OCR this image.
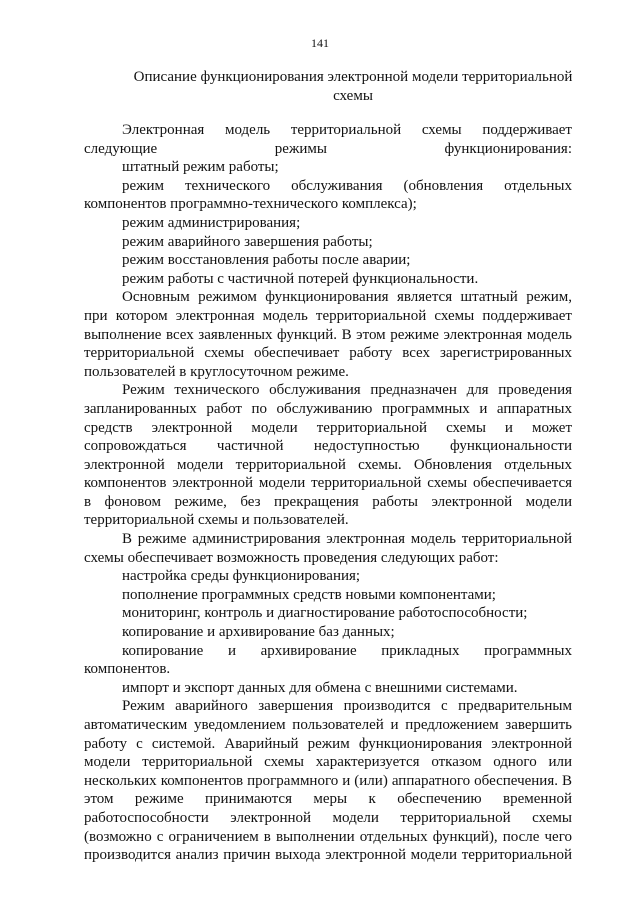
141
Описание функционирования электронной модели территориальной схемы

Электронная модель территориальной схемы поддерживает следующие режимы функционирования:

штатный режим работы;

режим технического обслуживания (обновления отдельных компонентов программно-технического комплекса);

режим администрирования;

режим аварийного завершения работы;

режим восстановления работы после аварии;

режим работы с частичной потерей функциональности.

Основным режимом функционирования является штатный режим, при котором электронная модель территориальной схемы поддерживает выполнение всех заявленных функций. В этом режиме электронная модель территориальной схемы обеспечивает работу всех зарегистрированных пользователей в круглосуточном режиме.

Режим технического обслуживания предназначен для проведения запланированных работ по обслуживанию программных и аппаратных средств электронной модели территориальной схемы и может сопровождаться частичной недоступностью функциональности электронной модели территориальной схемы. Обновления отдельных компонентов электронной модели территориальной схемы обеспечивается в фоновом режиме, без прекращения работы электронной модели территориальной схемы и пользователей.

В режиме администрирования электронная модель территориальной схемы обеспечивает возможность проведения следующих работ:

настройка среды функционирования;

пополнение программных средств новыми компонентами;

мониторинг, контроль и диагностирование работоспособности;

копирование и архивирование баз данных;

копирование и архивирование прикладных программных компонентов.

импорт и экспорт данных для обмена с внешними системами.

Режим аварийного завершения производится с предварительным автоматическим уведомлением пользователей и предложением завершить работу с системой. Аварийный режим функционирования электронной модели территориальной схемы характеризуется отказом одного или нескольких компонентов программного и (или) аппаратного обеспечения. В этом режиме принимаются меры к обеспечению временной работоспособности электронной модели территориальной схемы (возможно с ограничением в выполнении отдельных функций), после чего производится анализ причин выхода электронной модели территориальной
